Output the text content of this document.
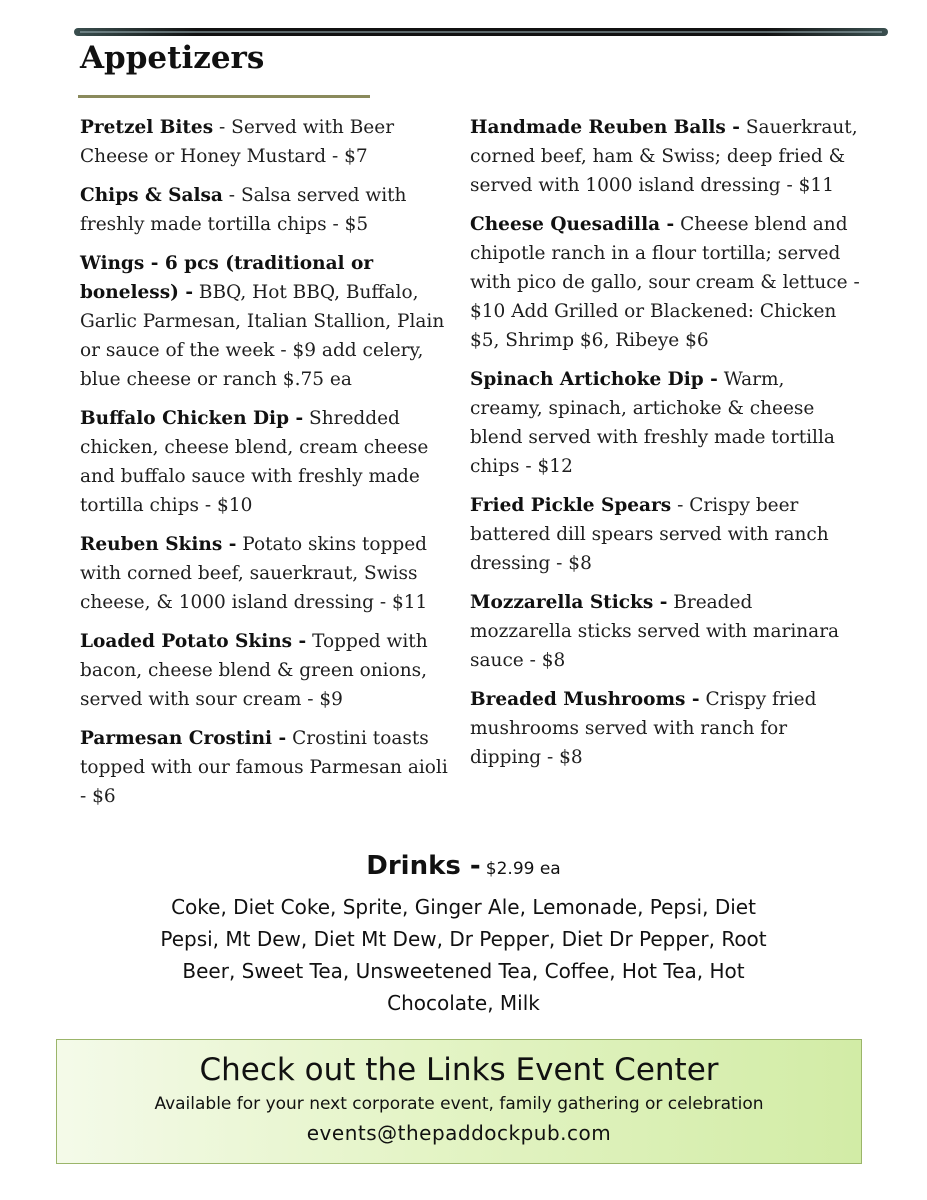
Appetizers

Pretzel Bites - Served with Beer Cheese or Honey Mustard - $7

Chips & Salsa - Salsa served with freshly made tortilla chips - $5

Wings - 6 pcs (traditional or boneless) - BBQ, Hot BBQ, Buffalo, Garlic Parmesan, Italian Stallion, Plain or sauce of the week - $9 add celery, blue cheese or ranch $.75 ea

Buffalo Chicken Dip - Shredded chicken, cheese blend, cream cheese and buffalo sauce with freshly made tortilla chips - $10

Reuben Skins - Potato skins topped with corned beef, sauerkraut, Swiss cheese, & 1000 island dressing - $11

Loaded Potato Skins - Topped with bacon, cheese blend & green onions, served with sour cream - $9

Parmesan Crostini - Crostini toasts topped with our famous Parmesan aioli - $6

Handmade Reuben Balls - Sauerkraut, corned beef, ham & Swiss; deep fried & served with 1000 island dressing - $11

Cheese Quesadilla - Cheese blend and chipotle ranch in a flour tortilla; served with pico de gallo, sour cream & lettuce - $10 Add Grilled or Blackened: Chicken $5, Shrimp $6, Ribeye $6

Spinach Artichoke Dip - Warm, creamy, spinach, artichoke & cheese blend served with freshly made tortilla chips - $12

Fried Pickle Spears - Crispy beer battered dill spears served with ranch dressing - $8

Mozzarella Sticks - Breaded mozzarella sticks served with marinara sauce - $8

Breaded Mushrooms - Crispy fried mushrooms served with ranch for dipping - $8

Drinks - $2.99 ea

Coke, Diet Coke, Sprite, Ginger Ale, Lemonade, Pepsi, Diet Pepsi, Mt Dew, Diet Mt Dew, Dr Pepper, Diet Dr Pepper, Root Beer, Sweet Tea, Unsweetened Tea, Coffee, Hot Tea, Hot Chocolate, Milk
Check out the Links Event Center
Available for your next corporate event, family gathering or celebration
events@thepaddockpub.com
